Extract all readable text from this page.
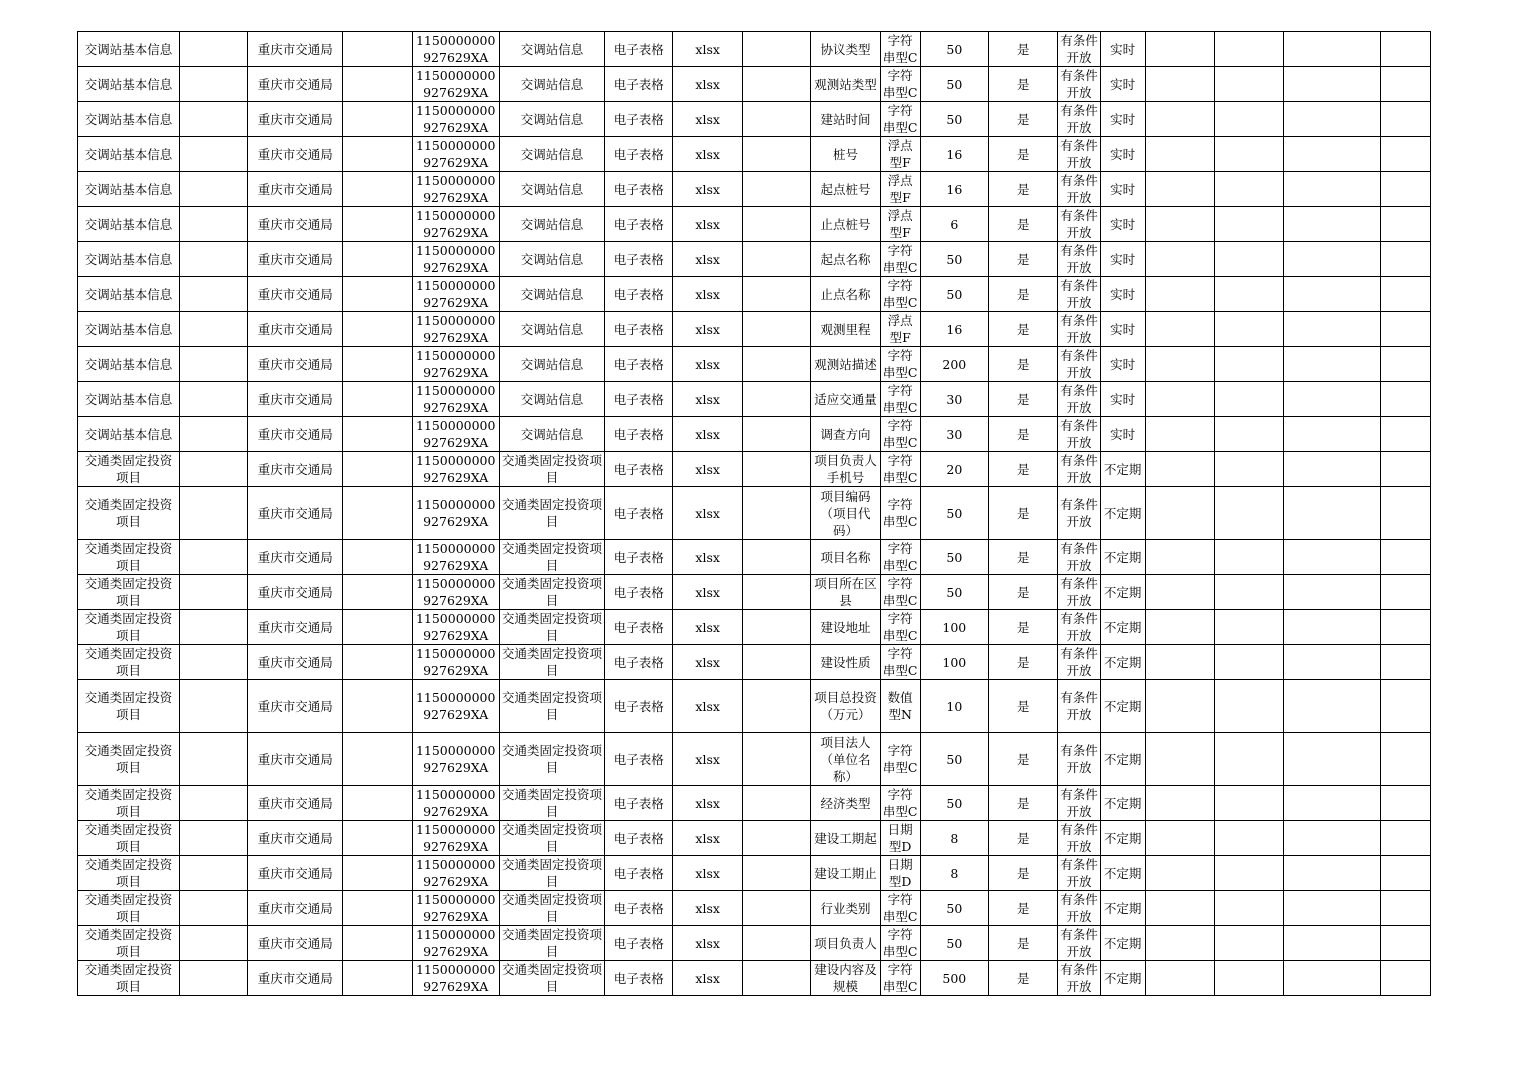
交调站基本信息		重庆市交通局		1150000000927629XA	交调站信息	电子表格	xlsx		协议类型	字符串型C	50	是	有条件开放	实时				
交调站基本信息		重庆市交通局		1150000000927629XA	交调站信息	电子表格	xlsx		观测站类型	字符串型C	50	是	有条件开放	实时				
交调站基本信息		重庆市交通局		1150000000927629XA	交调站信息	电子表格	xlsx		建站时间	字符串型C	50	是	有条件开放	实时				
交调站基本信息		重庆市交通局		1150000000927629XA	交调站信息	电子表格	xlsx		桩号	浮点型F	16	是	有条件开放	实时				
交调站基本信息		重庆市交通局		1150000000927629XA	交调站信息	电子表格	xlsx		起点桩号	浮点型F	16	是	有条件开放	实时				
交调站基本信息		重庆市交通局		1150000000927629XA	交调站信息	电子表格	xlsx		止点桩号	浮点型F	6	是	有条件开放	实时				
交调站基本信息		重庆市交通局		1150000000927629XA	交调站信息	电子表格	xlsx		起点名称	字符串型C	50	是	有条件开放	实时				
交调站基本信息		重庆市交通局		1150000000927629XA	交调站信息	电子表格	xlsx		止点名称	字符串型C	50	是	有条件开放	实时				
交调站基本信息		重庆市交通局		1150000000927629XA	交调站信息	电子表格	xlsx		观测里程	浮点型F	16	是	有条件开放	实时				
交调站基本信息		重庆市交通局		1150000000927629XA	交调站信息	电子表格	xlsx		观测站描述	字符串型C	200	是	有条件开放	实时				
交调站基本信息		重庆市交通局		1150000000927629XA	交调站信息	电子表格	xlsx		适应交通量	字符串型C	30	是	有条件开放	实时				
交调站基本信息		重庆市交通局		1150000000927629XA	交调站信息	电子表格	xlsx		调查方向	字符串型C	30	是	有条件开放	实时				
交通类固定投资项目		重庆市交通局		1150000000927629XA	交通类固定投资项目	电子表格	xlsx		项目负责人手机号	字符串型C	20	是	有条件开放	不定期				
交通类固定投资项目		重庆市交通局		1150000000927629XA	交通类固定投资项目	电子表格	xlsx		项目编码（项目代码）	字符串型C	50	是	有条件开放	不定期				
交通类固定投资项目		重庆市交通局		1150000000927629XA	交通类固定投资项目	电子表格	xlsx		项目名称	字符串型C	50	是	有条件开放	不定期				
交通类固定投资项目		重庆市交通局		1150000000927629XA	交通类固定投资项目	电子表格	xlsx		项目所在区县	字符串型C	50	是	有条件开放	不定期				
交通类固定投资项目		重庆市交通局		1150000000927629XA	交通类固定投资项目	电子表格	xlsx		建设地址	字符串型C	100	是	有条件开放	不定期				
交通类固定投资项目		重庆市交通局		1150000000927629XA	交通类固定投资项目	电子表格	xlsx		建设性质	字符串型C	100	是	有条件开放	不定期				
交通类固定投资项目		重庆市交通局		1150000000927629XA	交通类固定投资项目	电子表格	xlsx		项目总投资（万元）	数值型N	10	是	有条件开放	不定期				
交通类固定投资项目		重庆市交通局		1150000000927629XA	交通类固定投资项目	电子表格	xlsx		项目法人（单位名称）	字符串型C	50	是	有条件开放	不定期				
交通类固定投资项目		重庆市交通局		1150000000927629XA	交通类固定投资项目	电子表格	xlsx		经济类型	字符串型C	50	是	有条件开放	不定期				
交通类固定投资项目		重庆市交通局		1150000000927629XA	交通类固定投资项目	电子表格	xlsx		建设工期起	日期型D	8	是	有条件开放	不定期				
交通类固定投资项目		重庆市交通局		1150000000927629XA	交通类固定投资项目	电子表格	xlsx		建设工期止	日期型D	8	是	有条件开放	不定期				
交通类固定投资项目		重庆市交通局		1150000000927629XA	交通类固定投资项目	电子表格	xlsx		行业类别	字符串型C	50	是	有条件开放	不定期				
交通类固定投资项目		重庆市交通局		1150000000927629XA	交通类固定投资项目	电子表格	xlsx		项目负责人	字符串型C	50	是	有条件开放	不定期				
交通类固定投资项目		重庆市交通局		1150000000927629XA	交通类固定投资项目	电子表格	xlsx		建设内容及规模	字符串型C	500	是	有条件开放	不定期				
